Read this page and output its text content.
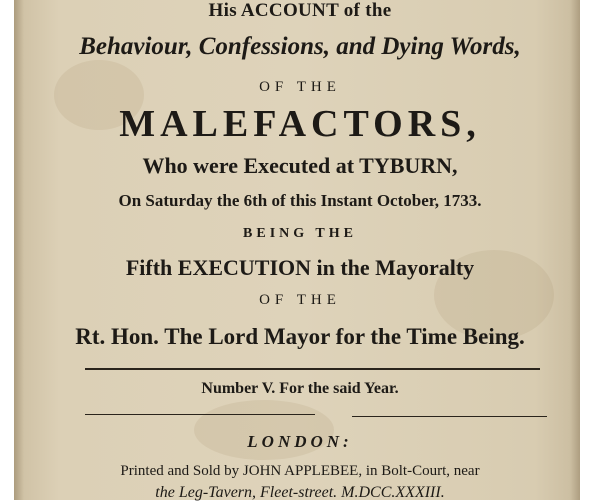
His ACCOUNT of the
Behaviour, Confessions, and Dying Words,
OF THE
MALEFACTORS,
Who were Executed at TYBURN,
On Saturday the 6th of this Instant October, 1733.
BEING THE
Fifth EXECUTION in the Mayoralty
OF THE
Rt. Hon. The Lord Mayor for the Time Being.
Number V. For the said Year.
LONDON:
Printed and Sold by JOHN APPLEBEE, in Bolt-Court, near
the Leg-Tavern, Fleet-street. M.DCC.XXXIII.
